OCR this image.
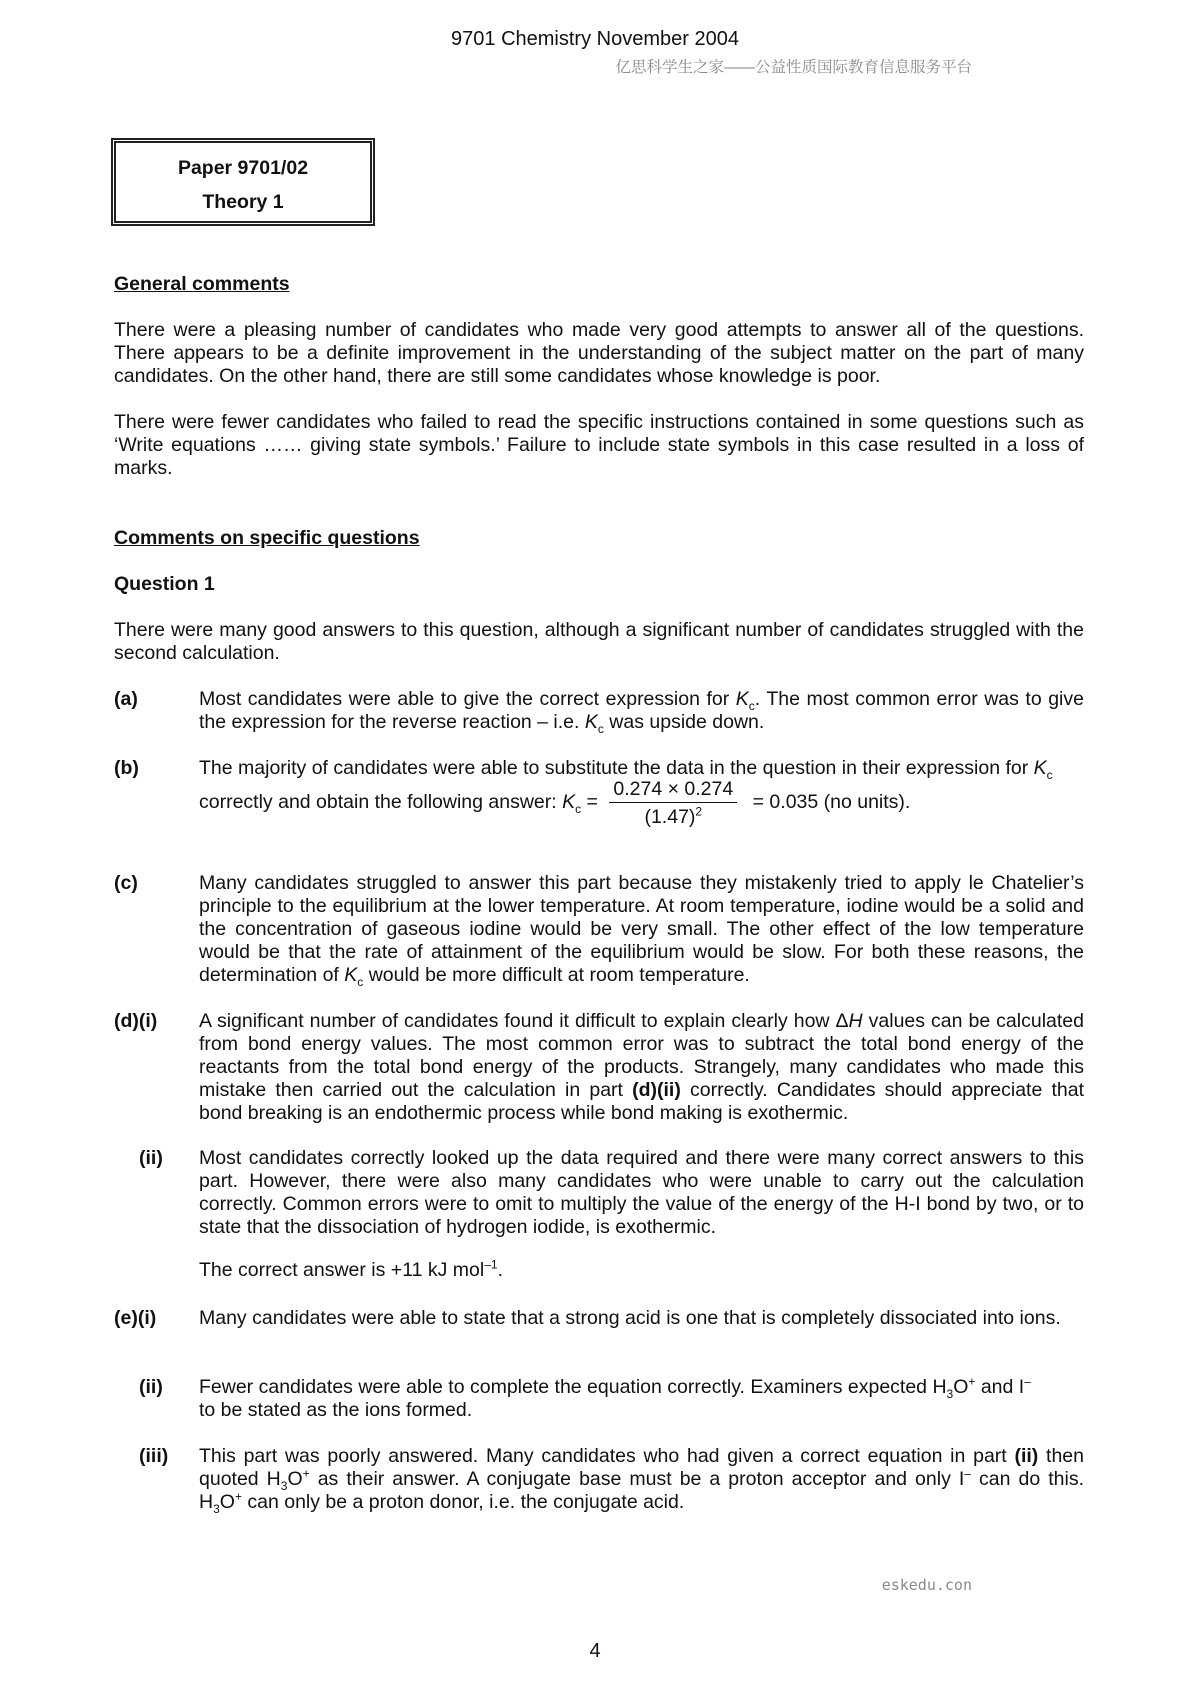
9701 Chemistry November 2004
亿思科学生之家——公益性质国际教育信息服务平台
Paper 9701/02
Theory 1
General comments

There were a pleasing number of candidates who made very good attempts to answer all of the questions. There appears to be a definite improvement in the understanding of the subject matter on the part of many candidates. On the other hand, there are still some candidates whose knowledge is poor.

There were fewer candidates who failed to read the specific instructions contained in some questions such as ‘Write equations …… giving state symbols.’ Failure to include state symbols in this case resulted in a loss of marks.

Comments on specific questions
Question 1

There were many good answers to this question, although a significant number of candidates struggled with the second calculation.

(a)	Most candidates were able to give the correct expression for $K_c$. The most common error was to give the expression for the reverse reaction – i.e. $K_c$ was upside down.
(b)	The majority of candidates were able to substitute the data in the question in their expression for $K_c$
correctly and obtain the following answer: $K_c = \frac{0.274 \times 0.274}{(1.47)^2} = 0.035$ (no units).
(c)	Many candidates struggled to answer this part because they mistakenly tried to apply le Chatelier’s principle to the equilibrium at the lower temperature. At room temperature, iodine would be a solid and the concentration of gaseous iodine would be very small. The other effect of the low temperature would be that the rate of attainment of the equilibrium would be slow. For both these reasons, the determination of $K_c$ would be more difficult at room temperature.
(d)(i) A significant number of candidates found it difficult to explain clearly how ΔH values can be calculated from bond energy values. The most common error was to subtract the total bond energy of the reactants from the total bond energy of the products. Strangely, many candidates who made this mistake then carried out the calculation in part (d)(ii) correctly. Candidates should appreciate that bond breaking is an endothermic process while bond making is exothermic.
(ii) Most candidates correctly looked up the data required and there were many correct answers to this part. However, there were also many candidates who were unable to carry out the calculation correctly. Common errors were to omit to multiply the value of the energy of the H-I bond by two, or to state that the dissociation of hydrogen iodide, is exothermic.
The correct answer is +11 kJ mol$^{-1}$.
(e)(i) Many candidates were able to state that a strong acid is one that is completely dissociated into ions.
(ii) Fewer candidates were able to complete the equation correctly. Examiners expected $H_3O^+$ and I–
to be stated as the ions formed.
(iii) This part was poorly answered. Many candidates who had given a correct equation in part (ii) then quoted $H_3O^+$ as their answer. A conjugate base must be a proton acceptor and only I– can do this. $H_3O^+$ can only be a proton donor, i.e. the conjugate acid.
eskedu.con
4
